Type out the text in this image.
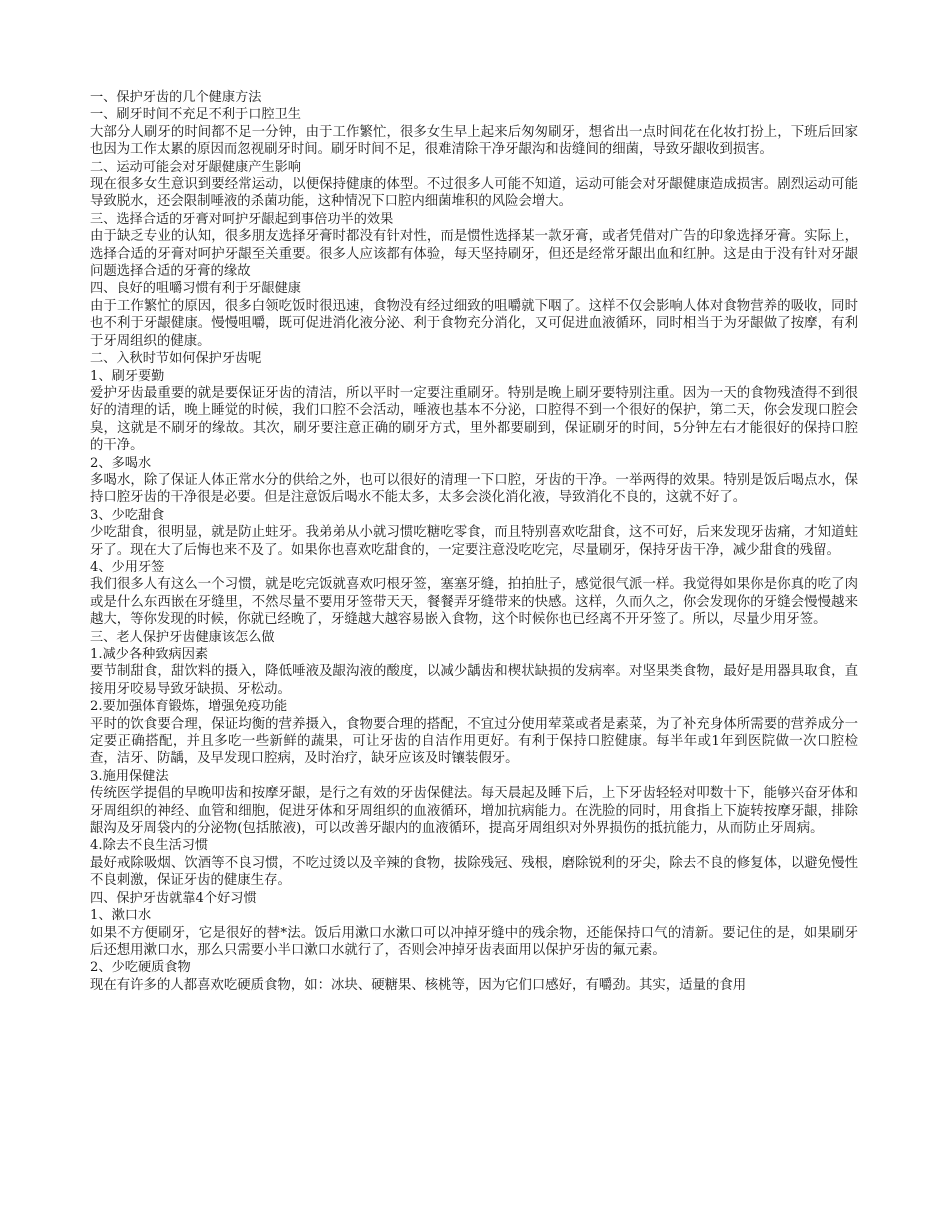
一、保护牙齿的几个健康方法
一、刷牙时间不充足不利于口腔卫生
大部分人刷牙的时间都不足一分钟，由于工作繁忙，很多女生早上起来后匆匆刷牙，想省出一点时间花在化妆打扮上，下班后回家也因为工作太累的原因而忽视刷牙时间。刷牙时间不足，很难清除干净牙龈沟和齿缝间的细菌，导致牙龈收到损害。
二、运动可能会对牙龈健康产生影响
现在很多女生意识到要经常运动，以便保持健康的体型。不过很多人可能不知道，运动可能会对牙龈健康造成损害。剧烈运动可能导致脱水，还会限制唾液的杀菌功能，这种情况下口腔内细菌堆积的风险会增大。
三、选择合适的牙膏对呵护牙龈起到事倍功半的效果
由于缺乏专业的认知，很多朋友选择牙膏时都没有针对性，而是惯性选择某一款牙膏，或者凭借对广告的印象选择牙膏。实际上，选择合适的牙膏对呵护牙龈至关重要。很多人应该都有体验，每天坚持刷牙，但还是经常牙龈出血和红肿。这是由于没有针对牙龈问题选择合适的牙膏的缘故
四、良好的咀嚼习惯有利于牙龈健康
由于工作繁忙的原因，很多白领吃饭时很迅速，食物没有经过细致的咀嚼就下咽了。这样不仅会影响人体对食物营养的吸收，同时也不利于牙龈健康。慢慢咀嚼，既可促进消化液分泌、利于食物充分消化，又可促进血液循环，同时相当于为牙龈做了按摩，有利于牙周组织的健康。
二、入秋时节如何保护牙齿呢
1、刷牙要勤
爱护牙齿最重要的就是要保证牙齿的清洁，所以平时一定要注重刷牙。特别是晚上刷牙要特别注重。因为一天的食物残渣得不到很好的清理的话，晚上睡觉的时候，我们口腔不会活动，唾液也基本不分泌，口腔得不到一个很好的保护，第二天，你会发现口腔会臭，这就是不刷牙的缘故。其次，刷牙要注意正确的刷牙方式，里外都要刷到，保证刷牙的时间，5分钟左右才能很好的保持口腔的干净。
2、多喝水
多喝水，除了保证人体正常水分的供给之外，也可以很好的清理一下口腔，牙齿的干净。一举两得的效果。特别是饭后喝点水，保持口腔牙齿的干净很是必要。但是注意饭后喝水不能太多，太多会淡化消化液，导致消化不良的，这就不好了。
3、少吃甜食
少吃甜食，很明显，就是防止蛀牙。我弟弟从小就习惯吃糖吃零食，而且特别喜欢吃甜食，这不可好，后来发现牙齿痛，才知道蛀牙了。现在大了后悔也来不及了。如果你也喜欢吃甜食的，一定要注意没吃吃完，尽量刷牙，保持牙齿干净，减少甜食的残留。
4、少用牙签
我们很多人有这么一个习惯，就是吃完饭就喜欢叼根牙签，塞塞牙缝，拍拍肚子，感觉很气派一样。我觉得如果你是你真的吃了肉或是什么东西嵌在牙缝里，不然尽量不要用牙签带天天，餐餐弄牙缝带来的快感。这样，久而久之，你会发现你的牙缝会慢慢越来越大，等你发现的时候，你就已经晚了，牙缝越大越容易嵌入食物，这个时候你也已经离不开牙签了。所以，尽量少用牙签。
三、老人保护牙齿健康该怎么做
1.减少各种致病因素
要节制甜食，甜饮料的摄入，降低唾液及龈沟液的酸度，以减少龋齿和楔状缺损的发病率。对坚果类食物，最好是用器具取食，直接用牙咬易导致牙缺损、牙松动。
2.要加强体育锻炼，增强免疫功能
平时的饮食要合理，保证均衡的营养摄入，食物要合理的搭配，不宜过分使用荤菜或者是素菜，为了补充身体所需要的营养成分一定要正确搭配，并且多吃一些新鲜的蔬果，可让牙齿的自洁作用更好。有利于保持口腔健康。每半年或1年到医院做一次口腔检查，洁牙、防龋，及早发现口腔病，及时治疗，缺牙应该及时镶装假牙。
3.施用保健法
传统医学提倡的早晚叩齿和按摩牙龈，是行之有效的牙齿保健法。每天晨起及睡下后，上下牙齿轻轻对叩数十下，能够兴奋牙体和牙周组织的神经、血管和细胞，促进牙体和牙周组织的血液循环，增加抗病能力。在洗脸的同时，用食指上下旋转按摩牙龈，排除龈沟及牙周袋内的分泌物(包括脓液)，可以改善牙龈内的血液循环，提高牙周组织对外界损伤的抵抗能力，从而防止牙周病。
4.除去不良生活习惯
最好戒除吸烟、饮酒等不良习惯，不吃过烫以及辛辣的食物，拔除残冠、残根，磨除锐利的牙尖，除去不良的修复体，以避免慢性不良刺激，保证牙齿的健康生存。
四、保护牙齿就靠4个好习惯
1、漱口水
如果不方便刷牙，它是很好的替*法。饭后用漱口水漱口可以冲掉牙缝中的残余物，还能保持口气的清新。要记住的是，如果刷牙后还想用漱口水，那么只需要小半口漱口水就行了，否则会冲掉牙齿表面用以保护牙齿的氟元素。
2、少吃硬质食物
现在有许多的人都喜欢吃硬质食物，如：冰块、硬糖果、核桃等，因为它们口感好，有嚼劲。其实，适量的食用
